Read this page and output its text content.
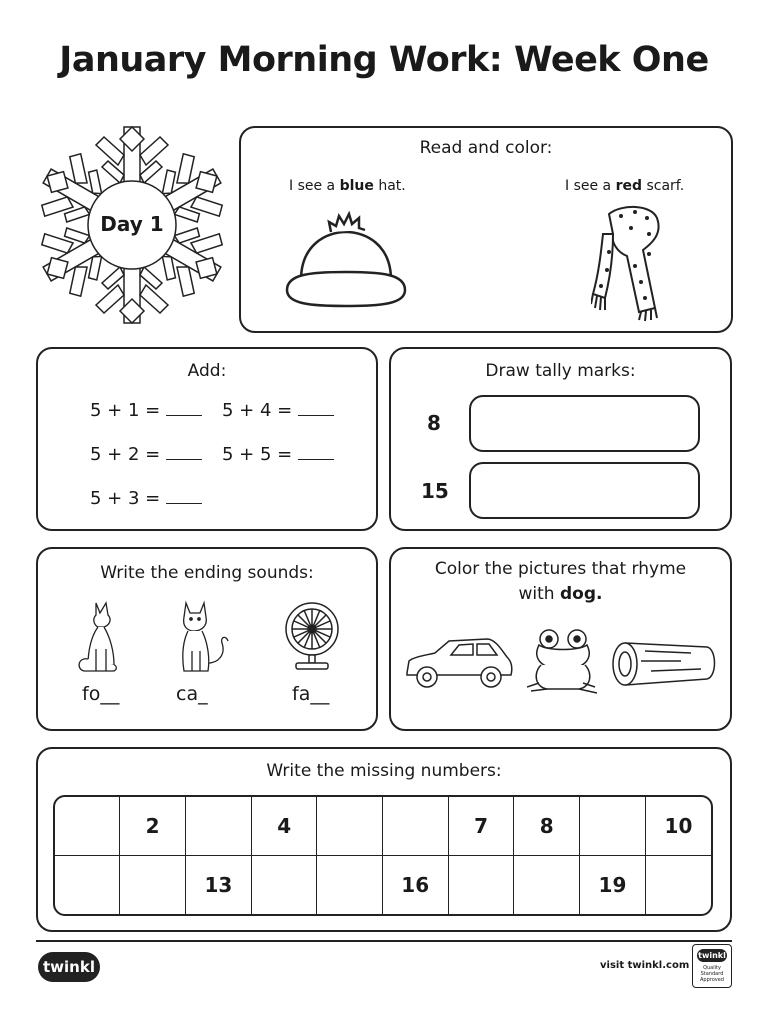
January Morning Work: Week One
Day 1
Read and color:
I see a blue hat.	I see a red scarf.
Add:
5 + 1 =	5 + 4 =
5 + 2 =	5 + 5 =
5 + 3 =
Draw tally marks:
8
15
Write the ending sounds:
fo__	ca_	fa__
Color the pictures that rhyme
with dog.
Write the missing numbers:
	2		4			7	8		10
		13			16			19	
twinkl	visit twinkl.com
twinkl
Quality Standard
Approved
